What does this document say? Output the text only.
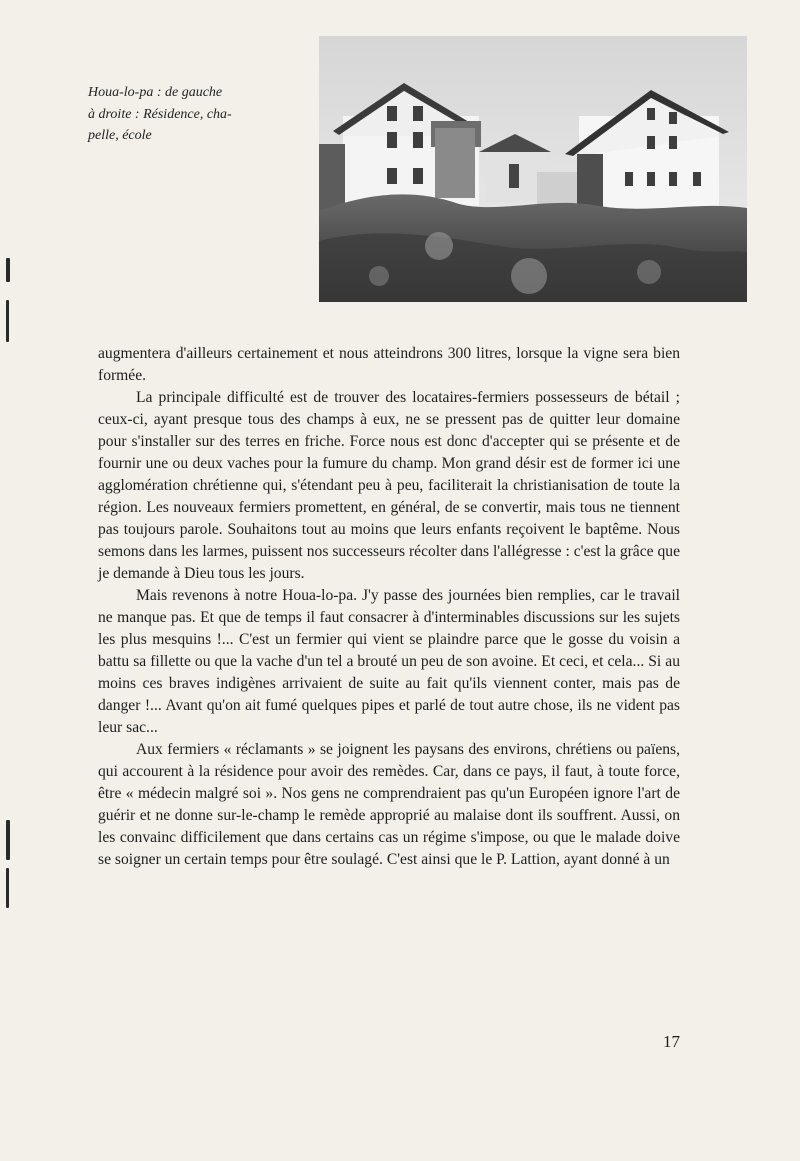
Houa-lo-pa : de gauche
à droite : Résidence, cha-
pelle, école

augmentera d'ailleurs certainement et nous atteindrons 300 litres, lorsque la vigne sera bien formée.

La principale difficulté est de trouver des locataires-fermiers possesseurs de bétail ; ceux-ci, ayant presque tous des champs à eux, ne se pressent pas de quitter leur domaine pour s'installer sur des terres en friche. Force nous est donc d'accepter qui se présente et de fournir une ou deux vaches pour la fumure du champ. Mon grand désir est de former ici une agglomération chrétienne qui, s'étendant peu à peu, faciliterait la christianisation de toute la région. Les nouveaux fermiers promettent, en général, de se convertir, mais tous ne tiennent pas toujours parole. Souhaitons tout au moins que leurs enfants reçoivent le baptême. Nous semons dans les larmes, puissent nos successeurs récolter dans l'allégresse : c'est la grâce que je demande à Dieu tous les jours.

Mais revenons à notre Houa-lo-pa. J'y passe des journées bien remplies, car le travail ne manque pas. Et que de temps il faut consacrer à d'interminables discussions sur les sujets les plus mesquins !... C'est un fermier qui vient se plaindre parce que le gosse du voisin a battu sa fillette ou que la vache d'un tel a brouté un peu de son avoine. Et ceci, et cela... Si au moins ces braves indigènes arrivaient de suite au fait qu'ils viennent conter, mais pas de danger !... Avant qu'on ait fumé quelques pipes et parlé de tout autre chose, ils ne vident pas leur sac...

Aux fermiers « réclamants » se joignent les paysans des environs, chrétiens ou païens, qui accourent à la résidence pour avoir des remèdes. Car, dans ce pays, il faut, à toute force, être « médecin malgré soi ». Nos gens ne comprendraient pas qu'un Européen ignore l'art de guérir et ne donne sur-le-champ le remède approprié au malaise dont ils souffrent. Aussi, on les convainc difficilement que dans certains cas un régime s'impose, ou que le malade doive se soigner un certain temps pour être soulagé. C'est ainsi que le P. Lattion, ayant donné à un

17
